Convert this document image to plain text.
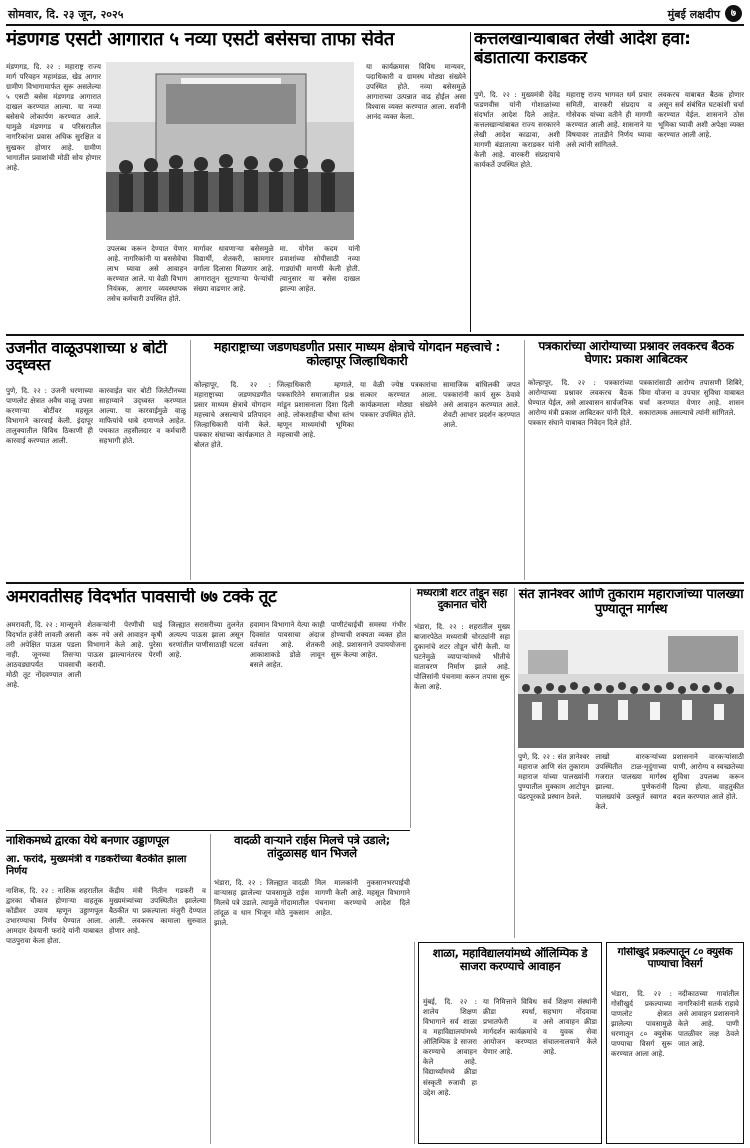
सोमवार, दि. २३ जून, २०२५	मुंबई लक्षदीप	७
मंडणगड एसटी आगारात ५ नव्या एसटी बसेसचा ताफा सेवेत
मंडणगड, दि. २२ : महाराष्ट्र राज्य मार्ग परिवहन महामंडळ, खेड आगार ग्रामीण विभागामार्फत सुरू असलेल्या ५ एसटी बसेस मंडणगड आगारात दाखल करण्यात आल्या. या नव्या बसेसचे लोकार्पण करण्यात आले. यामुळे मंडणगड व परिसरातील नागरिकांना प्रवास अधिक सुरक्षित व सुखकर होणार आहे. ग्रामीण भागातील प्रवाशांची मोठी सोय होणार आहे.
उपलब्ध करून देण्यात येणार आहे. नागरिकांनी या बससेवेचा लाभ घ्यावा असे आवाहन करण्यात आले. या वेळी विभाग नियंत्रक, आगार व्यवस्थापक तसेच कर्मचारी उपस्थित होते.
मार्गावर धावणाऱ्या बसेसमुळे विद्यार्थी, शेतकरी, कामगार वर्गाला दिलासा मिळणार आहे. आगारातून सुटणाऱ्या फेऱ्यांची संख्या वाढणार आहे.
मा. योगेश कदम यांनी प्रवाशांच्या सोयीसाठी नव्या गाड्यांची मागणी केली होती. त्यानुसार या बसेस दाखल झाल्या आहेत.
या कार्यक्रमास विविध मान्यवर, पदाधिकारी व ग्रामस्थ मोठ्या संख्येने उपस्थित होते. नव्या बसेसमुळे आगाराच्या उत्पन्नात वाढ होईल असा विश्वास व्यक्त करण्यात आला. सर्वांनी आनंद व्यक्त केला.
कत्तलखान्याबाबत लेखी आदेश हवा: बंडातात्या कराडकर
पुणे, दि. २२ : मुख्यमंत्री देवेंद्र फडणवीस यांनी गोशाळांच्या संदर्भात आदेश दिले आहेत. कत्तलखान्यांबाबत राज्य सरकारने लेखी आदेश काढावा, अशी मागणी बंडातात्या कराडकर यांनी केली आहे. वारकरी संप्रदायाचे कार्यकर्ते उपस्थित होते.
महाराष्ट्र राज्य भागवत धर्म प्रचार समिती, वारकरी संप्रदाय व गोसेवक यांच्या वतीने ही मागणी करण्यात आली आहे. शासनाने या विषयावर तातडीने निर्णय घ्यावा असे त्यांनी सांगितले.
लवकरच याबाबत बैठक होणार असून सर्व संबंधित घटकांशी चर्चा करण्यात येईल. शासनाने ठोस भूमिका घ्यावी अशी अपेक्षा व्यक्त करण्यात आली आहे.
उजनीत वाळूउपशाच्या ४ बोटी उद्ध्वस्त
पुणे, दि. २२ : उजनी धरणाच्या पाणलोट क्षेत्रात अवैध वाळू उपसा करणाऱ्या बोटींवर महसूल विभागाने कारवाई केली. इंदापूर तालुक्यातील विविध ठिकाणी ही कारवाई करण्यात आली.
कारवाईत चार बोटी जिलेटीनच्या साहाय्याने उद्ध्वस्त करण्यात आल्या. या कारवाईमुळे वाळू माफियांचे धाबे दणाणले आहेत. पथकात तहसीलदार व कर्मचारी सहभागी होते.
महाराष्ट्राच्या जडणघडणीत प्रसार माध्यम क्षेत्राचे योगदान महत्त्वाचे : कोल्हापूर जिल्हाधिकारी
कोल्हापूर, दि. २२ : महाराष्ट्राच्या जडणघडणीत प्रसार माध्यम क्षेत्राचे योगदान महत्त्वाचे असल्याचे प्रतिपादन जिल्हाधिकारी यांनी केले. पत्रकार संघाच्या कार्यक्रमात ते बोलत होते.
जिल्हाधिकारी म्हणाले, पत्रकारितेने समाजातील प्रश्न मांडून प्रशासनाला दिशा दिली आहे. लोकशाहीचा चौथा स्तंभ म्हणून माध्यमांची भूमिका महत्त्वाची आहे.
या वेळी ज्येष्ठ पत्रकारांचा सत्कार करण्यात आला. कार्यक्रमाला मोठ्या संख्येने पत्रकार उपस्थित होते.
सामाजिक बांधिलकी जपत पत्रकारांनी कार्य सुरू ठेवावे असे आवाहन करण्यात आले. शेवटी आभार प्रदर्शन करण्यात आले.
पत्रकारांच्या आरोग्याच्या प्रश्नावर लवकरच बैठक घेणार: प्रकाश आबिटकर
कोल्हापूर, दि. २२ : पत्रकारांच्या आरोग्याच्या प्रश्नावर लवकरच बैठक घेण्यात येईल, असे आश्वासन सार्वजनिक आरोग्य मंत्री प्रकाश आबिटकर यांनी दिले. पत्रकार संघाने याबाबत निवेदन दिले होते.
पत्रकारांसाठी आरोग्य तपासणी शिबिरे, विमा योजना व उपचार सुविधा याबाबत चर्चा करण्यात येणार आहे. शासन सकारात्मक असल्याचे त्यांनी सांगितले.
अमरावतीसह विदर्भात पावसाची ७७ टक्के तूट
अमरावती, दि. २२ : मान्सूनने विदर्भात हजेरी लावली असली तरी अपेक्षित पाऊस पडला नाही. जूनच्या तिसऱ्या आठवड्यापर्यंत पावसाची मोठी तूट नोंदवण्यात आली आहे.
शेतकऱ्यांनी पेरणीची घाई करू नये असे आवाहन कृषी विभागाने केले आहे. पुरेसा पाऊस झाल्यानंतरच पेरणी करावी.
जिल्ह्यात सरासरीच्या तुलनेत अत्यल्प पाऊस झाला असून धरणांतील पाणीसाठाही घटला आहे.
हवामान विभागाने येत्या काही दिवसांत पावसाचा अंदाज वर्तवला आहे. शेतकरी आकाशाकडे डोळे लावून बसले आहेत.
पाणीटंचाईची समस्या गंभीर होण्याची शक्यता व्यक्त होत आहे. प्रशासनाने उपाययोजना सुरू केल्या आहेत.
मध्यरात्री शटर तोडून सहा दुकानात चोरी
भंडारा, दि. २२ : शहरातील मुख्य बाजारपेठेत मध्यरात्री चोरट्यांनी सहा दुकानांचे शटर तोडून चोरी केली. या घटनेमुळे व्यापाऱ्यांमध्ये भीतीचे वातावरण निर्माण झाले आहे. पोलिसांनी पंचनामा करून तपास सुरू केला आहे.
संत ज्ञानेश्वर आणि तुकाराम महाराजांच्या पालख्या पुण्यातून मार्गस्थ
पुणे, दि. २२ : संत ज्ञानेश्वर महाराज आणि संत तुकाराम महाराज यांच्या पालख्यांनी पुण्यातील मुक्काम आटोपून पंढरपूरकडे प्रस्थान ठेवले.
लाखो वारकऱ्यांच्या उपस्थितीत टाळ-मृदुंगाच्या गजरात पालख्या मार्गस्थ झाल्या. पुणेकरांनी पालख्यांचे उत्स्फूर्त स्वागत केले.
प्रशासनाने वारकऱ्यांसाठी पाणी, आरोग्य व स्वच्छतेच्या सुविधा उपलब्ध करून दिल्या होत्या. वाहतुकीत बदल करण्यात आले होते.
नाशिकमध्ये द्वारका येथे बनणार उड्डाणपूल
आ. फरांदे, मुख्यमंत्री व गडकरींच्या बैठकीत झाला निर्णय
नाशिक, दि. २२ : नाशिक शहरातील द्वारका चौकात होणाऱ्या वाहतूक कोंडीवर उपाय म्हणून उड्डाणपूल उभारण्याचा निर्णय घेण्यात आला. आमदार देवयानी फरांदे यांनी याबाबत पाठपुरावा केला होता.
केंद्रीय मंत्री नितीन गडकरी व मुख्यमंत्र्यांच्या उपस्थितीत झालेल्या बैठकीत या प्रकल्पाला मंजुरी देण्यात आली. लवकरच कामाला सुरुवात होणार आहे.
वादळी वाऱ्याने राईस मिलचे पत्रे उडाले; तांदुळासह धान भिजले
भंडारा, दि. २२ : जिल्ह्यात वादळी वाऱ्यासह झालेल्या पावसामुळे राईस मिलचे पत्रे उडाले. त्यामुळे गोदामातील तांदूळ व धान भिजून मोठे नुकसान झाले.
मिल मालकांनी नुकसानभरपाईची मागणी केली आहे. महसूल विभागाने पंचनामा करण्याचे आदेश दिले आहेत.
शाळा, महाविद्यालयांमध्ये ऑलिम्पिक डे साजरा करण्याचे आवाहन
मुंबई, दि. २२ : शालेय शिक्षण विभागाने सर्व शाळा व महाविद्यालयांमध्ये ऑलिम्पिक डे साजरा करण्याचे आवाहन केले आहे. विद्यार्थ्यांमध्ये क्रीडा संस्कृती रुजावी हा उद्देश आहे.
या निमित्ताने विविध क्रीडा स्पर्धा, प्रभातफेरी व मार्गदर्शन कार्यक्रमांचे आयोजन करण्यात येणार आहे.
सर्व शिक्षण संस्थांनी सहभाग नोंदवावा असे आवाहन क्रीडा व युवक सेवा संचालनालयाने केले आहे.
गोसीखुर्द प्रकल्पातून ८० क्युसेक पाण्याचा विसर्ग
भंडारा, दि. २२ : गोसीखुर्द प्रकल्पाच्या पाणलोट क्षेत्रात झालेल्या पावसामुळे धरणातून ८० क्युसेक पाण्याचा विसर्ग सुरू करण्यात आला आहे.
नदीकाठच्या गावांतील नागरिकांनी सतर्क राहावे असे आवाहन प्रशासनाने केले आहे. पाणी पातळीवर लक्ष ठेवले जात आहे.
